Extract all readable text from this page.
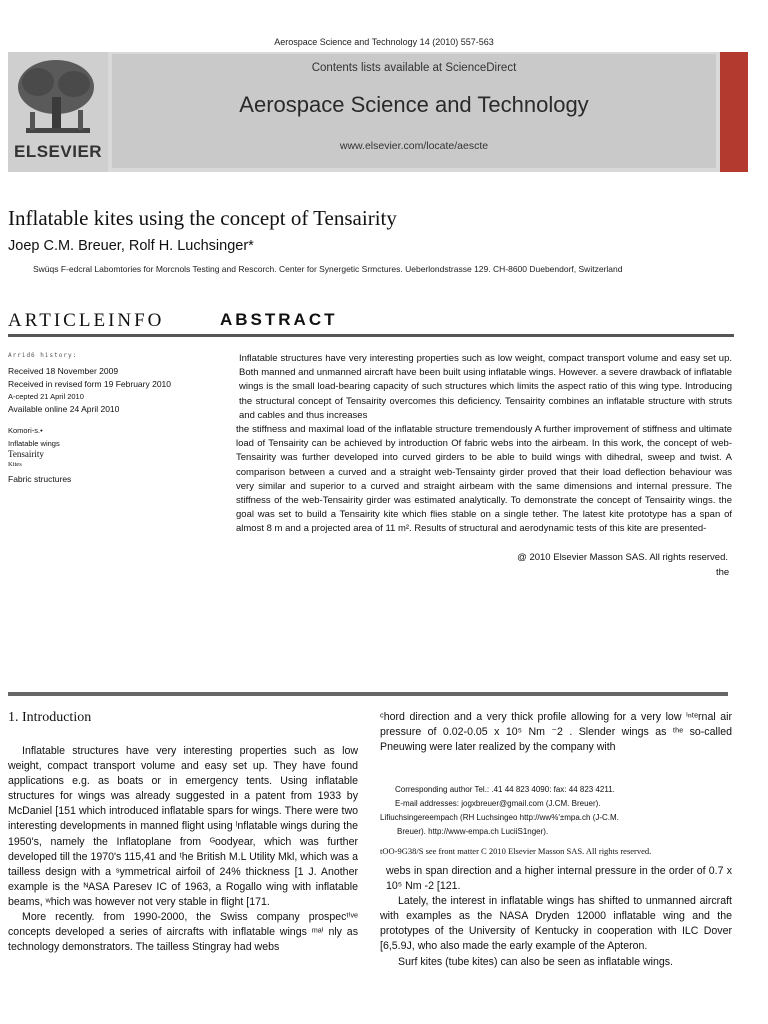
Aerospace Science and Technology 14 (2010) 557-563
ELSEVIER
Contents lists available at ScienceDirect
Aerospace Science and Technology
www.elsevier.com/locate/aescte
Inflatable kites using the concept of Tensairity
Joep C.M. Breuer, Rolf H. Luchsinger*
Swüqs F-edcral Labomtories for Morcnols Testing and Rescorch. Center for Synergetic Srmctures. Ueberlondstrasse 129. CH-8600 Duebendorf, Switzerland
ARTICLEINFO	ABSTRACT
Arrid6 history:
Received 18 November 2009
Received in revised form 19 February 2010
A-cepted 21 April 2010
Available online 24 April 2010
Komori-s.•
Inflatable wings
Tensairity
Kites
Fabric structures

Inflatable structures have very interesting properties such as low weight, compact transport volume and easy set up. Both manned and unmanned aircraft have been built using inflatable wings. However. a severe drawback of inflatable wings is the small load-bearing capacity of such structures which limits the aspect ratio of this wing type. Introducing the structural concept of Tensairity overcomes this deficiency. Tensairity combines an inflatable structure with struts and cables and thus increases

the stiffness and maximal load of the inflatable structure tremendously A further improvement of stiffness and ultimate load of Tensairity can be achieved by introduction Of fabric webs into the airbeam. In this work, the concept of web-Tensairity was further developed into curved girders to be able to build wings with dihedral, sweep and twist. A comparison between a curved and a straight web-Tensainty girder proved that their load deflection behaviour was very similar and superior to a curved and straight airbeam with the same dimensions and internal pressure. The stiffness of the web-Tensairity girder was estimated analytically. To demonstrate the concept of Tensairity wings. the goal was set to build a Tensairity kite which flies stable on a single tether. The latest kite prototype has a span of almost 8 m and a projected area of 11 m². Results of structural and aerodynamic tests of this kite are presented-

@ 2010 Elsevier Masson SAS. All rights reserved.
the
1. Introduction

Inflatable structures have very interesting properties such as low weight, compact transport volume and easy set up. They have found applications e.g. as boats or in emergency tents. Using inflatable structures for wings was already suggested in a patent from 1933 by McDaniel [151 which introduced inflatable spars for wings. There were two interesting developments in manned flight using ˡnflatable wings during the 1950's, namely the Inflatoplane from ᴳoodyear, which was further developed till the 1970's 115,41 and ᵗhe British M.L Utility Mkl, which was a tailless design with a ˢymmetrical airfoil of 24% thickness [1 J. Another example is the ᴺASA Paresev IC of 1963, a Rogallo wing with inflatable beams, ʷhich was however not very stable in flight [171.

More recently. from 1990-2000, the Swiss company prospecᵗⁱᵛᵉ concepts developed a series of aircrafts with inflatable wings ᵐᵃⁱ nly as technology demonstrators. The tailless Stingray had webs

ᶜhord direction and a very thick profile allowing for a very low ⁱⁿᵗᵉrnal air pressure of 0.02-0.05 x 10⁵ Nm ⁻2 . Slender wings as ᵗʰᵉ so-called Pneuwing were later realized by the company with

Corresponding author Tel.: .41 44 823 4090: fax: 44 823 4211.

E-mail addresses: jogxbreuer@gmail.com (J.CM. Breuer).

Lifiuchsingereempach (RH Luchsingeo http://ww%'±mpa.ch (J-C.M.

Breuer). http://www-empa.ch LuciiS1nger).

tOO-9G38/S see front matter C 2010 Elsevier Masson SAS. All rights reserved.

webs in span direction and a higher internal pressure in the order of 0.7 x 10⁵ Nm -2 [121.

Lately, the interest in inflatable wings has shifted to unmanned aircraft with examples as the NASA Dryden 12000 inflatable wing and the prototypes of the University of Kentucky in cooperation with ILC Dover [6,5.9J, who also made the early example of the Apteron.

Surf kites (tube kites) can also be seen as inflatable wings.
